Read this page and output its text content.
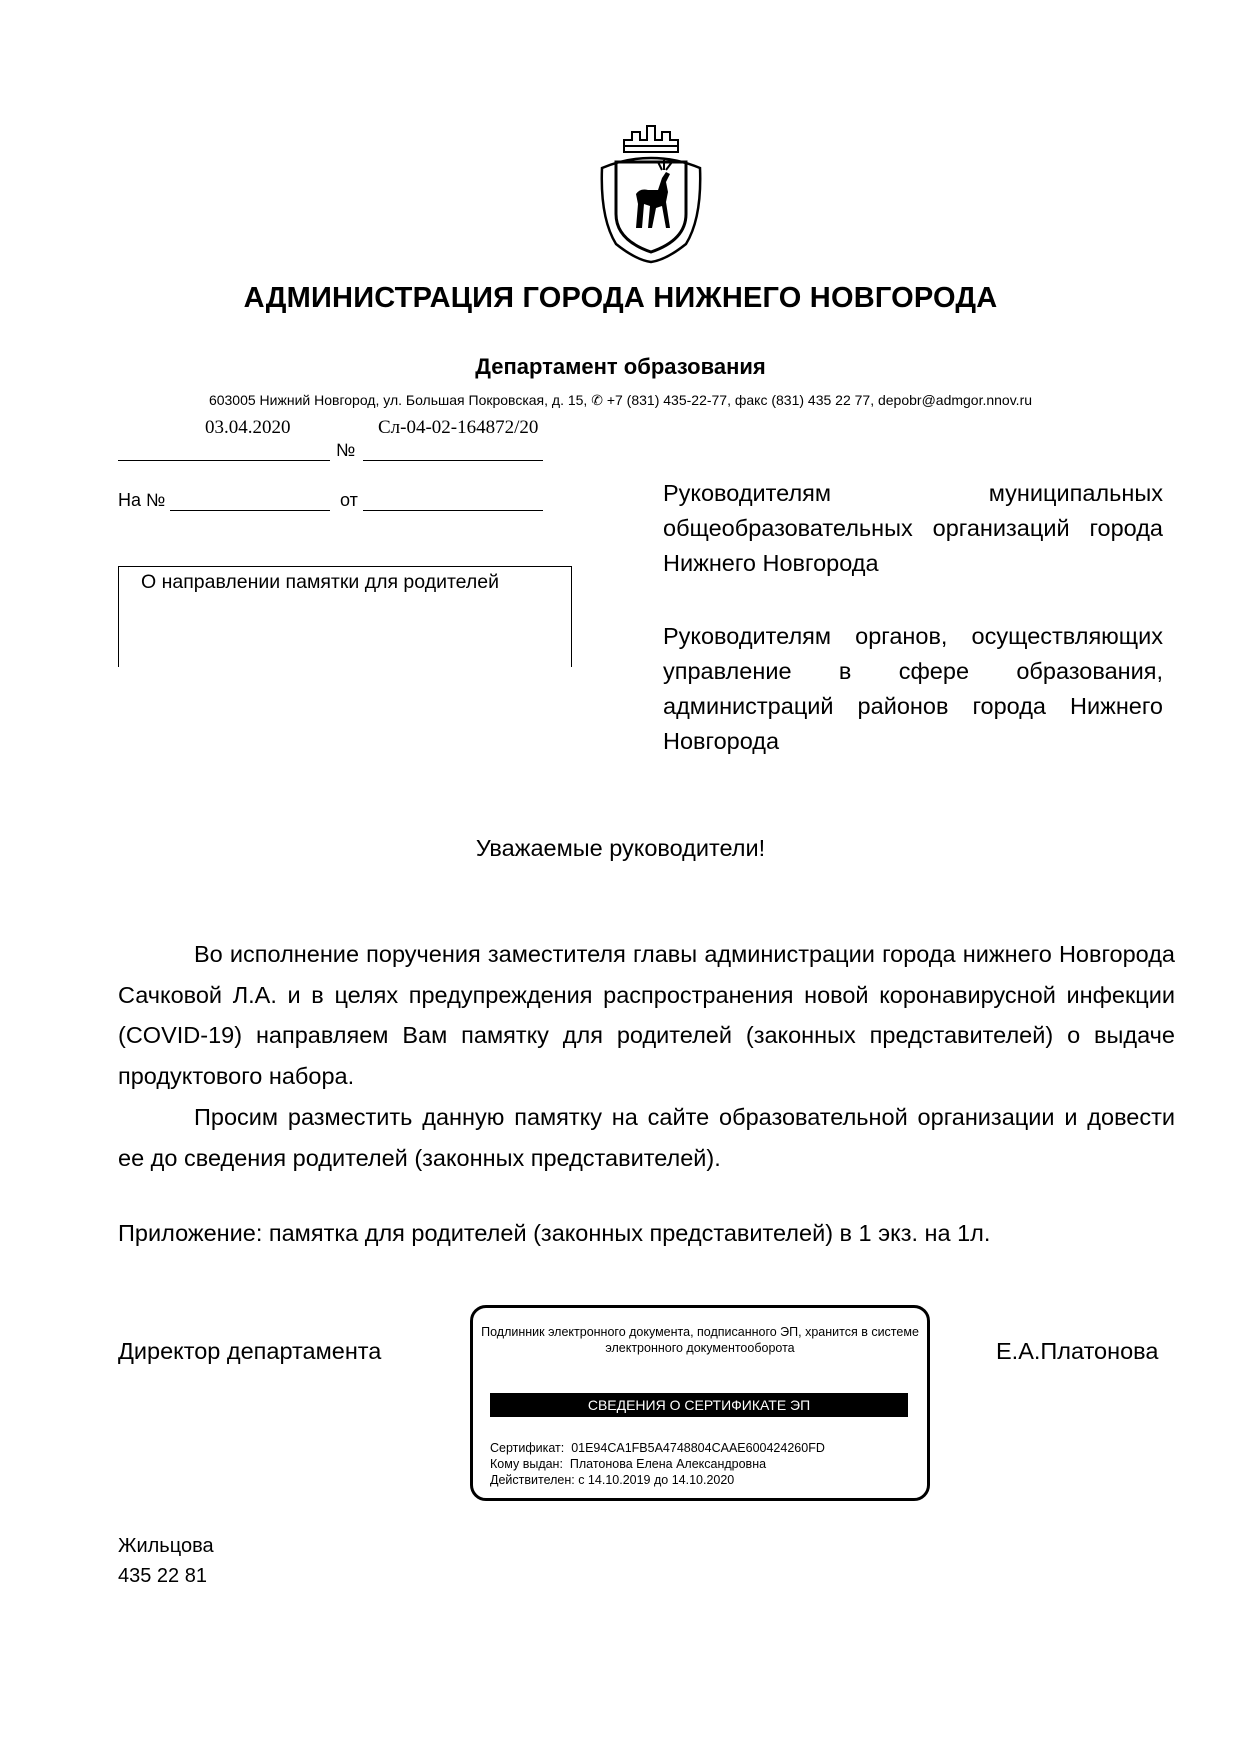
АДМИНИСТРАЦИЯ ГОРОДА НИЖНЕГО НОВГОРОДА
Департамент образования
603005 Нижний Новгород, ул. Большая Покровская, д. 15, ✆ +7 (831) 435-22-77, факс (831) 435 22 77, depobr@admgor.nnov.ru
03.04.2020	Сл-04-02-164872/20
№
На №	от
О направлении памятки для родителей
Руководителям муниципальных общеобразовательных организаций города Нижнего Новгорода
Руководителям органов, осуществляющих управление в сфере образования, администраций районов города Нижнего Новгорода
Уважаемые руководители!
Во исполнение поручения заместителя главы администрации города нижнего Новгорода Сачковой Л.А. и в целях предупреждения распространения новой коронавирусной инфекции (COVID-19) направляем Вам памятку для родителей (законных представителей) о выдаче продуктового набора.
Просим разместить данную памятку на сайте образовательной организации и довести ее до сведения родителей (законных представителей).
Приложение: памятка для родителей (законных представителей) в 1 экз. на 1л.
Директор департамента	Е.А.Платонова
Подлинник электронного документа, подписанного ЭП, хранится в системе электронного документооборота
СВЕДЕНИЯ О СЕРТИФИКАТЕ ЭП
Сертификат:  01E94CA1FB5A4748804CAAE600424260FD
Кому выдан:  Платонова Елена Александровна
Действителен: с 14.10.2019 до 14.10.2020
Жильцова
435 22 81
